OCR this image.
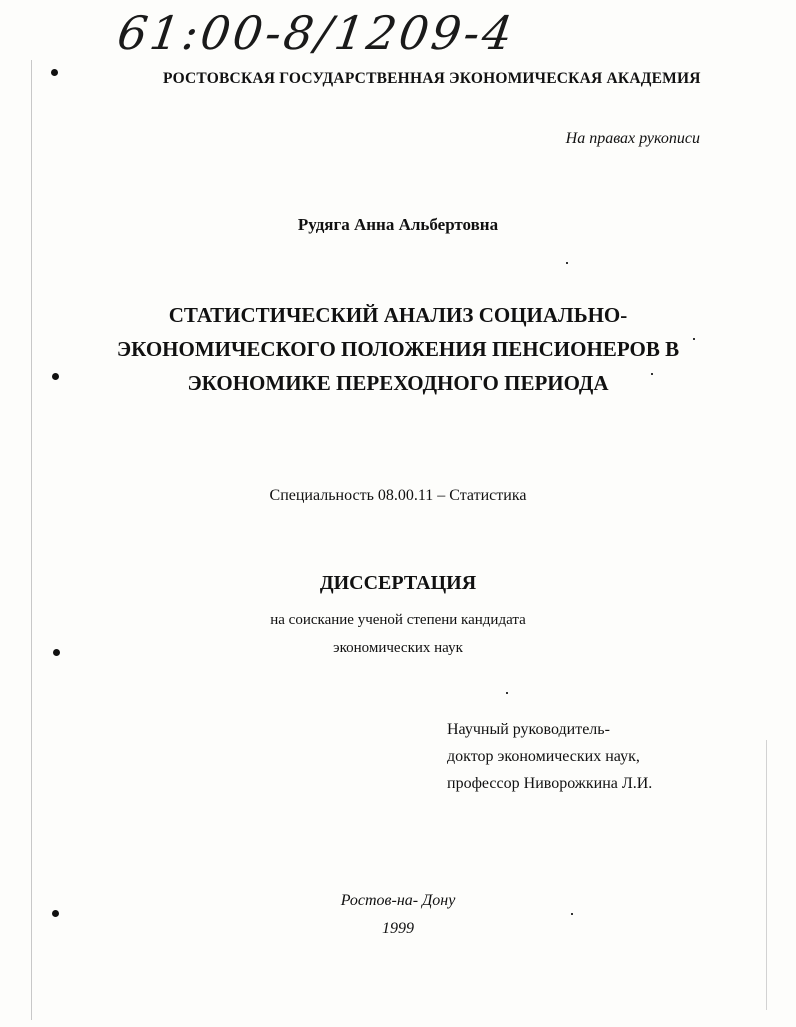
61:00-8/1209-4
РОСТОВСКАЯ ГОСУДАРСТВЕННАЯ ЭКОНОМИЧЕСКАЯ АКАДЕМИЯ
На правах рукописи
Рудяга Анна Альбертовна
СТАТИСТИЧЕСКИЙ АНАЛИЗ СОЦИАЛЬНО-
ЭКОНОМИЧЕСКОГО ПОЛОЖЕНИЯ ПЕНСИОНЕРОВ В
ЭКОНОМИКЕ ПЕРЕХОДНОГО ПЕРИОДА
Специальность 08.00.11 – Статистика
ДИССЕРТАЦИЯ
на соискание ученой степени кандидата
экономических наук
Научный руководитель-
доктор экономических наук,
профессор Ниворожкина Л.И.
Ростов-на- Дону
1999
